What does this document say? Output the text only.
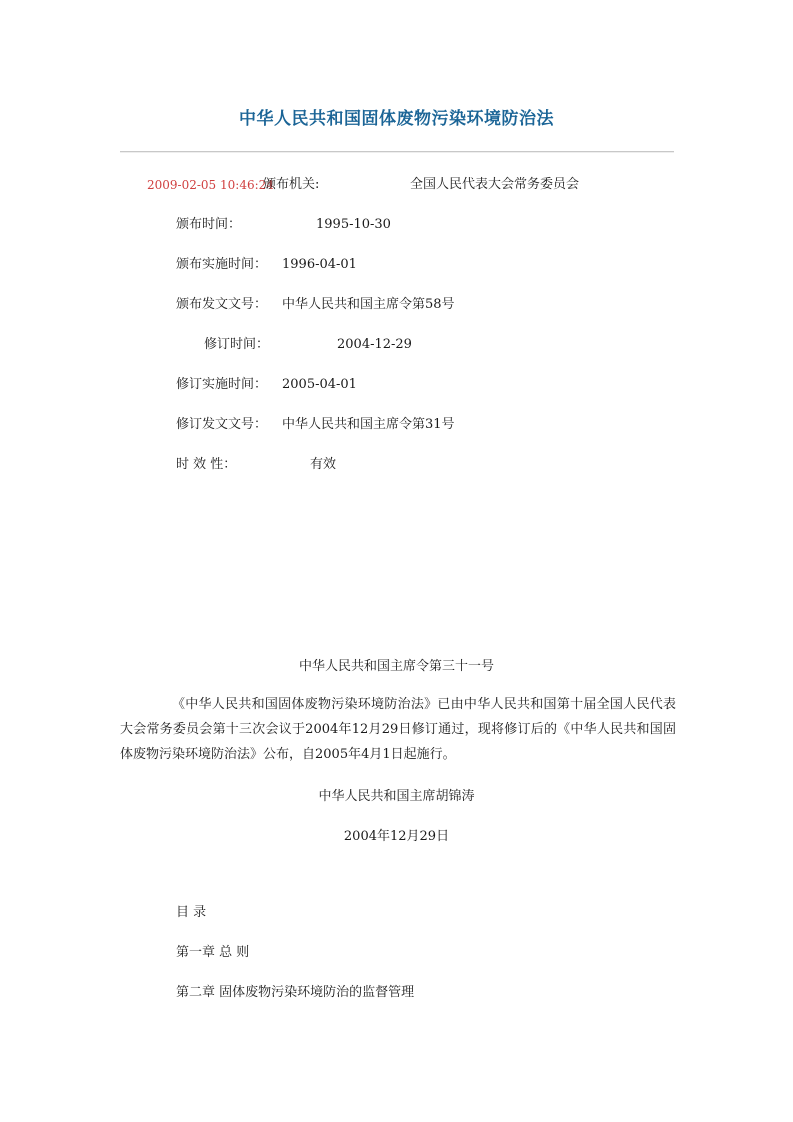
中华人民共和国固体废物污染环境防治法
2009-02-05 10:46:24
颁布机关:	全国人民代表大会常务委员会
颁布时间：	1995-10-30
颁布实施时间： 1996-04-01
颁布发文文号： 中华人民共和国主席令第58号
修订时间：	2004-12-29
修订实施时间： 2005-04-01
修订发文文号： 中华人民共和国主席令第31号
时 效 性：	有效
中华人民共和国主席令第三十一号
《中华人民共和国固体废物污染环境防治法》已由中华人民共和国第十届全国人民代表大会常务委员会第十三次会议于2004年12月29日修订通过，现将修订后的《中华人民共和国固体废物污染环境防治法》公布，自2005年4月1日起施行。
中华人民共和国主席胡锦涛
2004年12月29日
目 录
第一章 总 则
第二章 固体废物污染环境防治的监督管理
